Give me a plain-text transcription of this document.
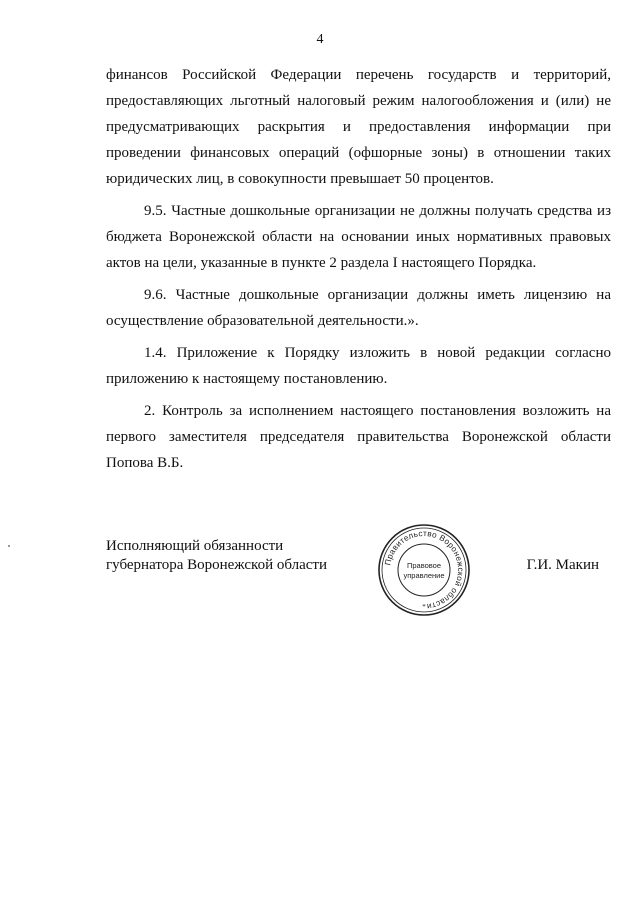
4

финансов Российской Федерации перечень государств и территорий, предоставляющих льготный налоговый режим налогообложения и (или) не предусматривающих раскрытия и предоставления информации при проведении финансовых операций (офшорные зоны) в отношении таких юридических лиц, в совокупности превышает 50 процентов.

9.5. Частные дошкольные организации не должны получать средства из бюджета Воронежской области на основании иных нормативных правовых актов на цели, указанные в пункте 2 раздела I настоящего Порядка.

9.6. Частные дошкольные организации должны иметь лицензию на осуществление образовательной деятельности.».

1.4. Приложение к Порядку изложить в новой редакции согласно приложению к настоящему постановлению.

2. Контроль за исполнением настоящего постановления возложить на первого заместителя председателя правительства Воронежской области Попова В.Б.

Исполняющий обязанности
губернатора Воронежской области	Г.И. Макин
Правительство Воронежской области
Правовое
управление
*
